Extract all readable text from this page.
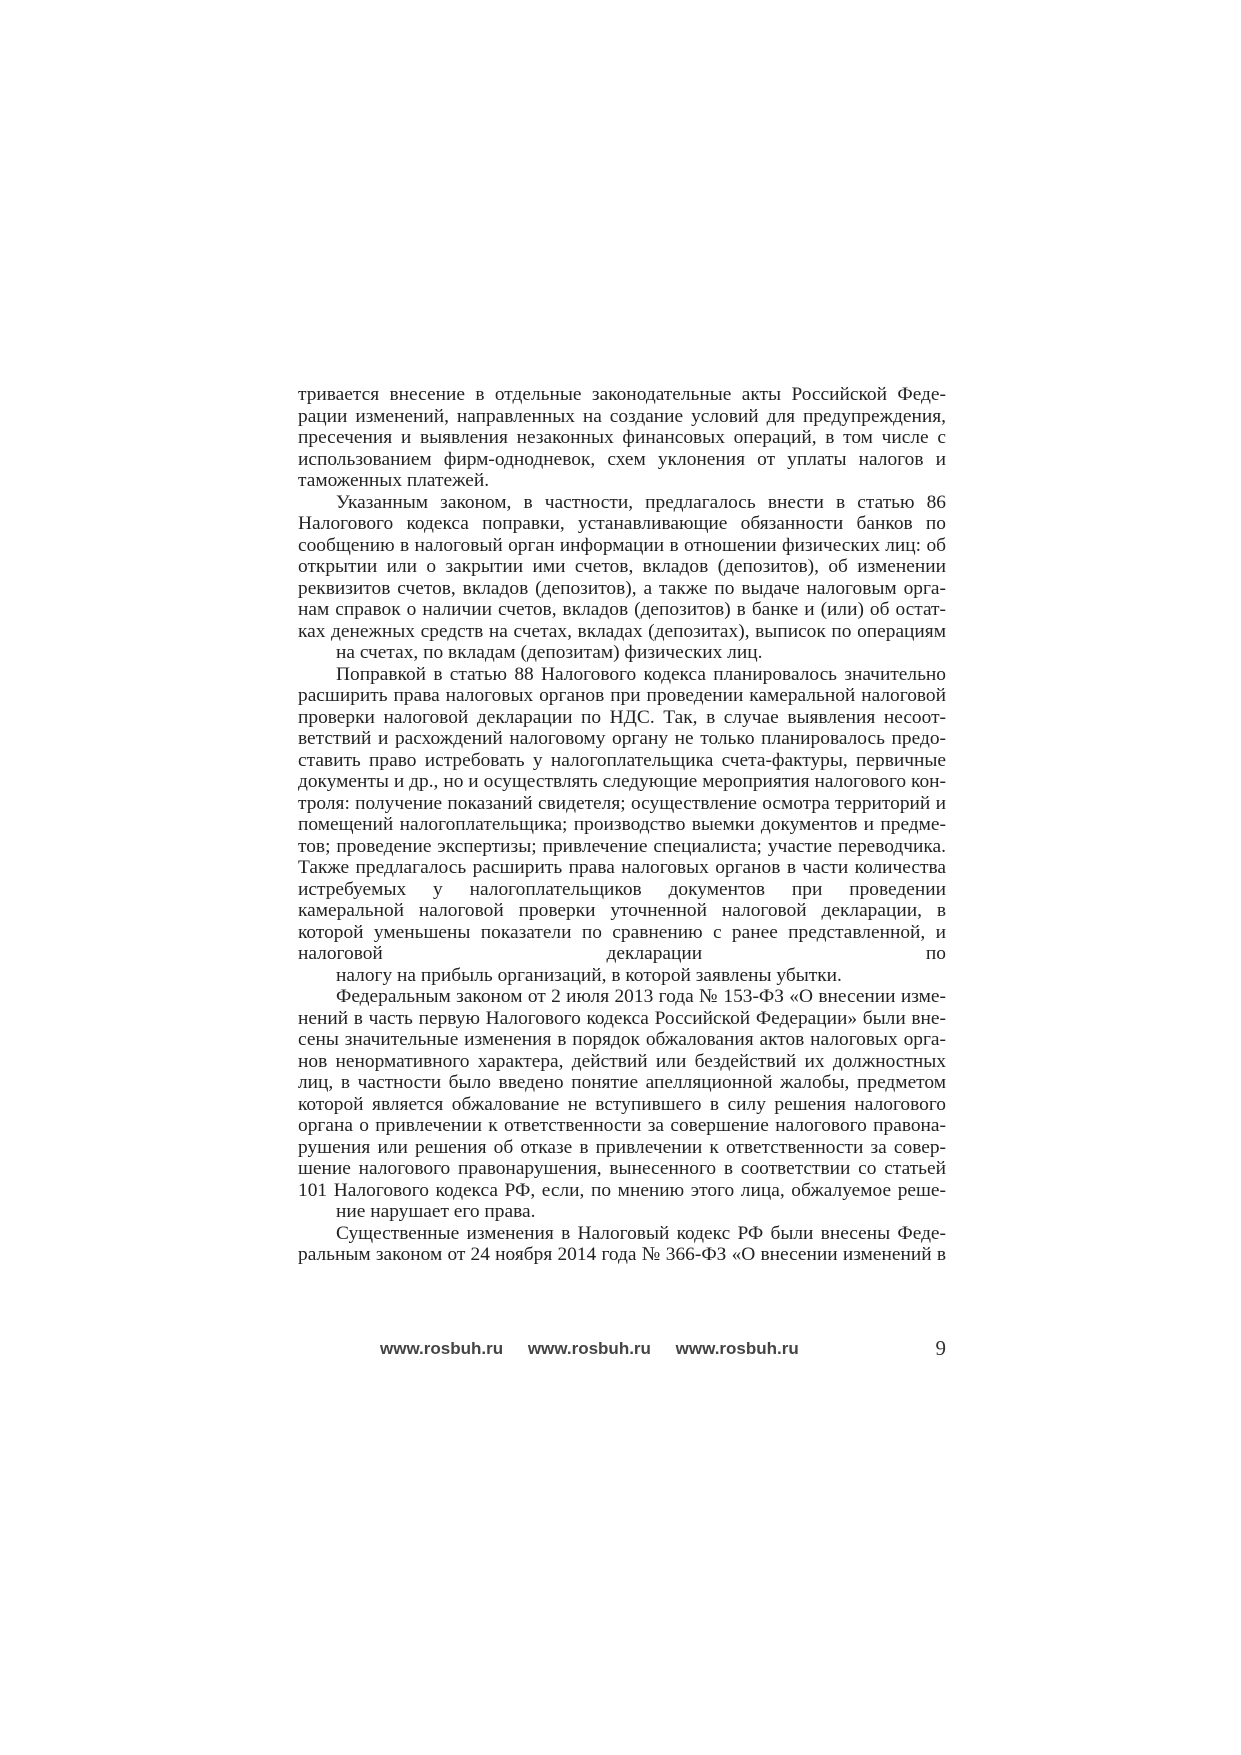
тривается внесение в отдельные законодательные акты Российской Феде- рации изменений, направленных на создание условий для предупреждения, пресечения и выявления незаконных финансовых операций, в том числе с использованием фирм-однодневок, схем уклонения от уплаты налогов и
таможенных платежей.

Указанным законом, в частности, предлагалось внести в статью 86 Налогового кодекса поправки, устанавливающие обязанности банков по сообщению в налоговый орган информации в отношении физических лиц: об открытии или о закрытии ими счетов, вкладов (депозитов), об изменении реквизитов счетов, вкладов (депозитов), а также по выдаче налоговым орга- нам справок о наличии счетов, вкладов (депозитов) в банке и (или) об остат- ках денежных средств на счетах, вкладах (депозитах), выписок по операциям
на счетах, по вкладам (депозитам) физических лиц.

Поправкой в статью 88 Налогового кодекса планировалось значительно расширить права налоговых органов при проведении камеральной налоговой проверки налоговой декларации по НДС. Так, в случае выявления несоот- ветствий и расхождений налоговому органу не только планировалось предо- ставить право истребовать у налогоплательщика счета-фактуры, первичные документы и др., но и осуществлять следующие мероприятия налогового кон- троля: получение показаний свидетеля; осуществление осмотра территорий и помещений налогоплательщика; производство выемки документов и предме- тов; проведение экспертизы; привлечение специалиста; участие переводчика. Также предлагалось расширить права налоговых органов в части количества истребуемых у налогоплательщиков документов при проведении камеральной налоговой проверки уточненной налоговой декларации, в которой уменьшены показатели по сравнению с ранее представленной, и налоговой декларации по
налогу на прибыль организаций, в которой заявлены убытки.

Федеральным законом от 2 июля 2013 года № 153-ФЗ «О внесении изме- нений в часть первую Налогового кодекса Российской Федерации» были вне- сены значительные изменения в порядок обжалования актов налоговых орга- нов ненормативного характера, действий или бездействий их должностных лиц, в частности было введено понятие апелляционной жалобы, предметом которой является обжалование не вступившего в силу решения налогового органа о привлечении к ответственности за совершение налогового правона- рушения или решения об отказе в привлечении к ответственности за совер- шение налогового правонарушения, вынесенного в соответствии со статьей 101 Налогового кодекса РФ, если, по мнению этого лица, обжалуемое реше-
ние нарушает его права.

Существенные изменения в Налоговый кодекс РФ были внесены Феде- ральным законом от 24 ноября 2014 года № 366-ФЗ «О внесении изменений в

www.rosbuh.ru www.rosbuh.ru www.rosbuh.ru	9
